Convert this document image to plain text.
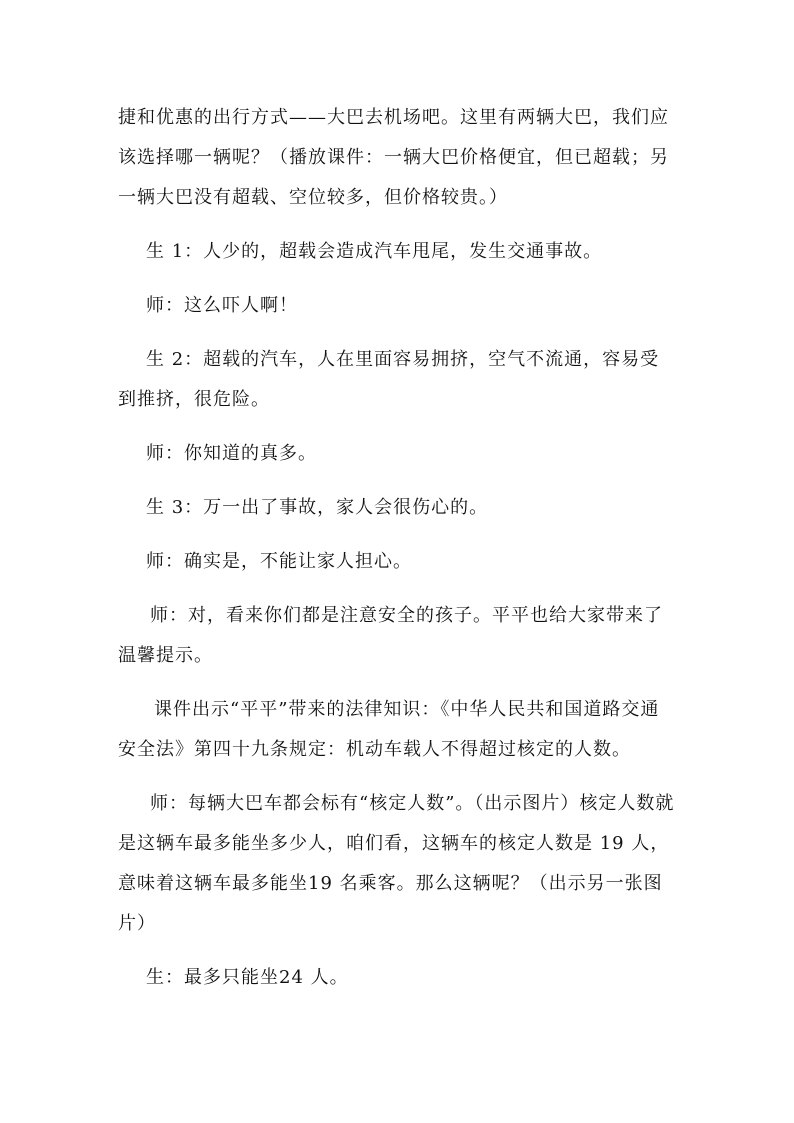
捷和优惠的出行方式——大巴去机场吧。这里有两辆大巴，我们应该选择哪一辆呢？（播放课件：一辆大巴价格便宜，但已超载；另一辆大巴没有超载、空位较多，但价格较贵。）

生 1：人少的，超载会造成汽车甩尾，发生交通事故。

师：这么吓人啊！

生 2：超载的汽车，人在里面容易拥挤，空气不流通，容易受到推挤，很危险。

师：你知道的真多。

生 3：万一出了事故，家人会很伤心的。

师：确实是，不能让家人担心。

师：对，看来你们都是注意安全的孩子。平平也给大家带来了温馨提示。

课件出示“平平”带来的法律知识：《中华人民共和国道路交通安全法》第四十九条规定：机动车载人不得超过核定的人数。

师：每辆大巴车都会标有“核定人数”。（出示图片）核定人数就是这辆车最多能坐多少人，咱们看，这辆车的核定人数是 19 人，意味着这辆车最多能坐19 名乘客。那么这辆呢？（出示另一张图片）

生：最多只能坐24 人。
